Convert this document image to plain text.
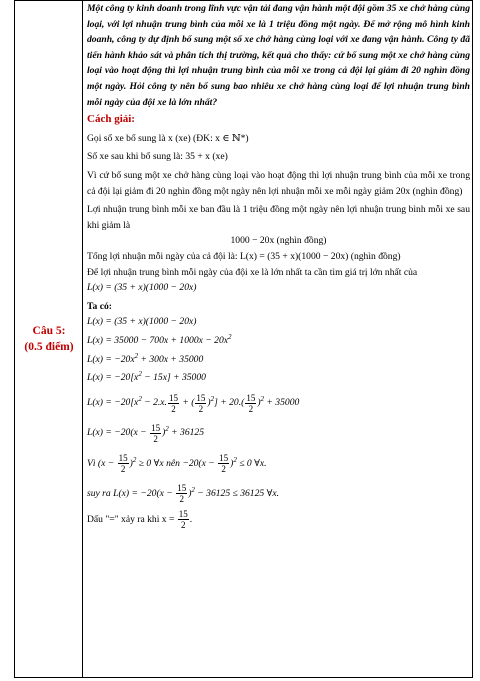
Câu 5:
(0.5 điểm)

Một công ty kinh doanh trong lĩnh vực vận tải đang vận hành một đội gồm 35 xe chở hàng cùng loại, với lợi nhuận trung bình của mỗi xe là 1 triệu đồng một ngày. Để mở rộng mô hình kinh doanh, công ty dự định bổ sung một số xe chở hàng cùng loại với xe đang vận hành. Công ty đã tiến hành khảo sát và phân tích thị trường, kết quả cho thấy: cứ bổ sung một xe chở hàng cùng loại vào hoạt động thì lợi nhuận trung bình của mỗi xe trong cả đội lại giảm đi 20 nghìn đồng một ngày. Hỏi công ty nên bổ sung bao nhiêu xe chở hàng cùng loại để lợi nhuận trung bình mỗi ngày của đội xe là lớn nhất?

Cách giải:

Gọi số xe bổ sung là x (xe) (ĐK: x ∈ ℕ*)

Số xe sau khi bổ sung là: 35 + x (xe)

Vì cứ bổ sung một xe chở hàng cùng loại vào hoạt động thì lợi nhuận trung bình của mỗi xe trong cả đội lại giảm đi 20 nghìn đồng một ngày nên lợi nhuận mỗi xe mỗi ngày giảm 20x (nghìn đồng)

Lợi nhuận trung bình mỗi xe ban đầu là 1 triệu đồng một ngày nên lợi nhuận trung bình mỗi xe sau khi giảm là

1000 − 20x (nghìn đồng)

Tổng lợi nhuận mỗi ngày của cả đội là: L(x) = (35 + x)(1000 − 20x) (nghìn đồng)

Để lợi nhuận trung bình mỗi ngày của đội xe là lớn nhất ta cần tìm giá trị lớn nhất của

L(x) = (35 + x)(1000 − 20x)

Ta có:

L(x) = (35 + x)(1000 − 20x)

$L(x) = 35000 - 700x + 1000x - 20x^2$

$L(x) = -20x^2 + 300x + 35000$

$L(x) = -20[x^2 - 15x] + 35000$

$L(x) = -20[x^2 - 2.x$. $\frac{15}{2}$ + ( $\frac{15}{2} )^2] + 20.( \frac{15}{2} )^2 + 35000$

$L(x) = -20(x - \frac{15}{2} )^2 + 36125$

Vì $(x - \frac{15}{2} )^2 \ge 0$ ∀x nên $-20(x - \frac{15}{2} )^2 \le 0$ ∀x.

suy ra $L(x) = -20(x - \frac{15}{2} )^2 - 36125 \le 36125$ ∀x.

Dấu "=" xảy ra khi $x = \frac{15}{2}$ .
